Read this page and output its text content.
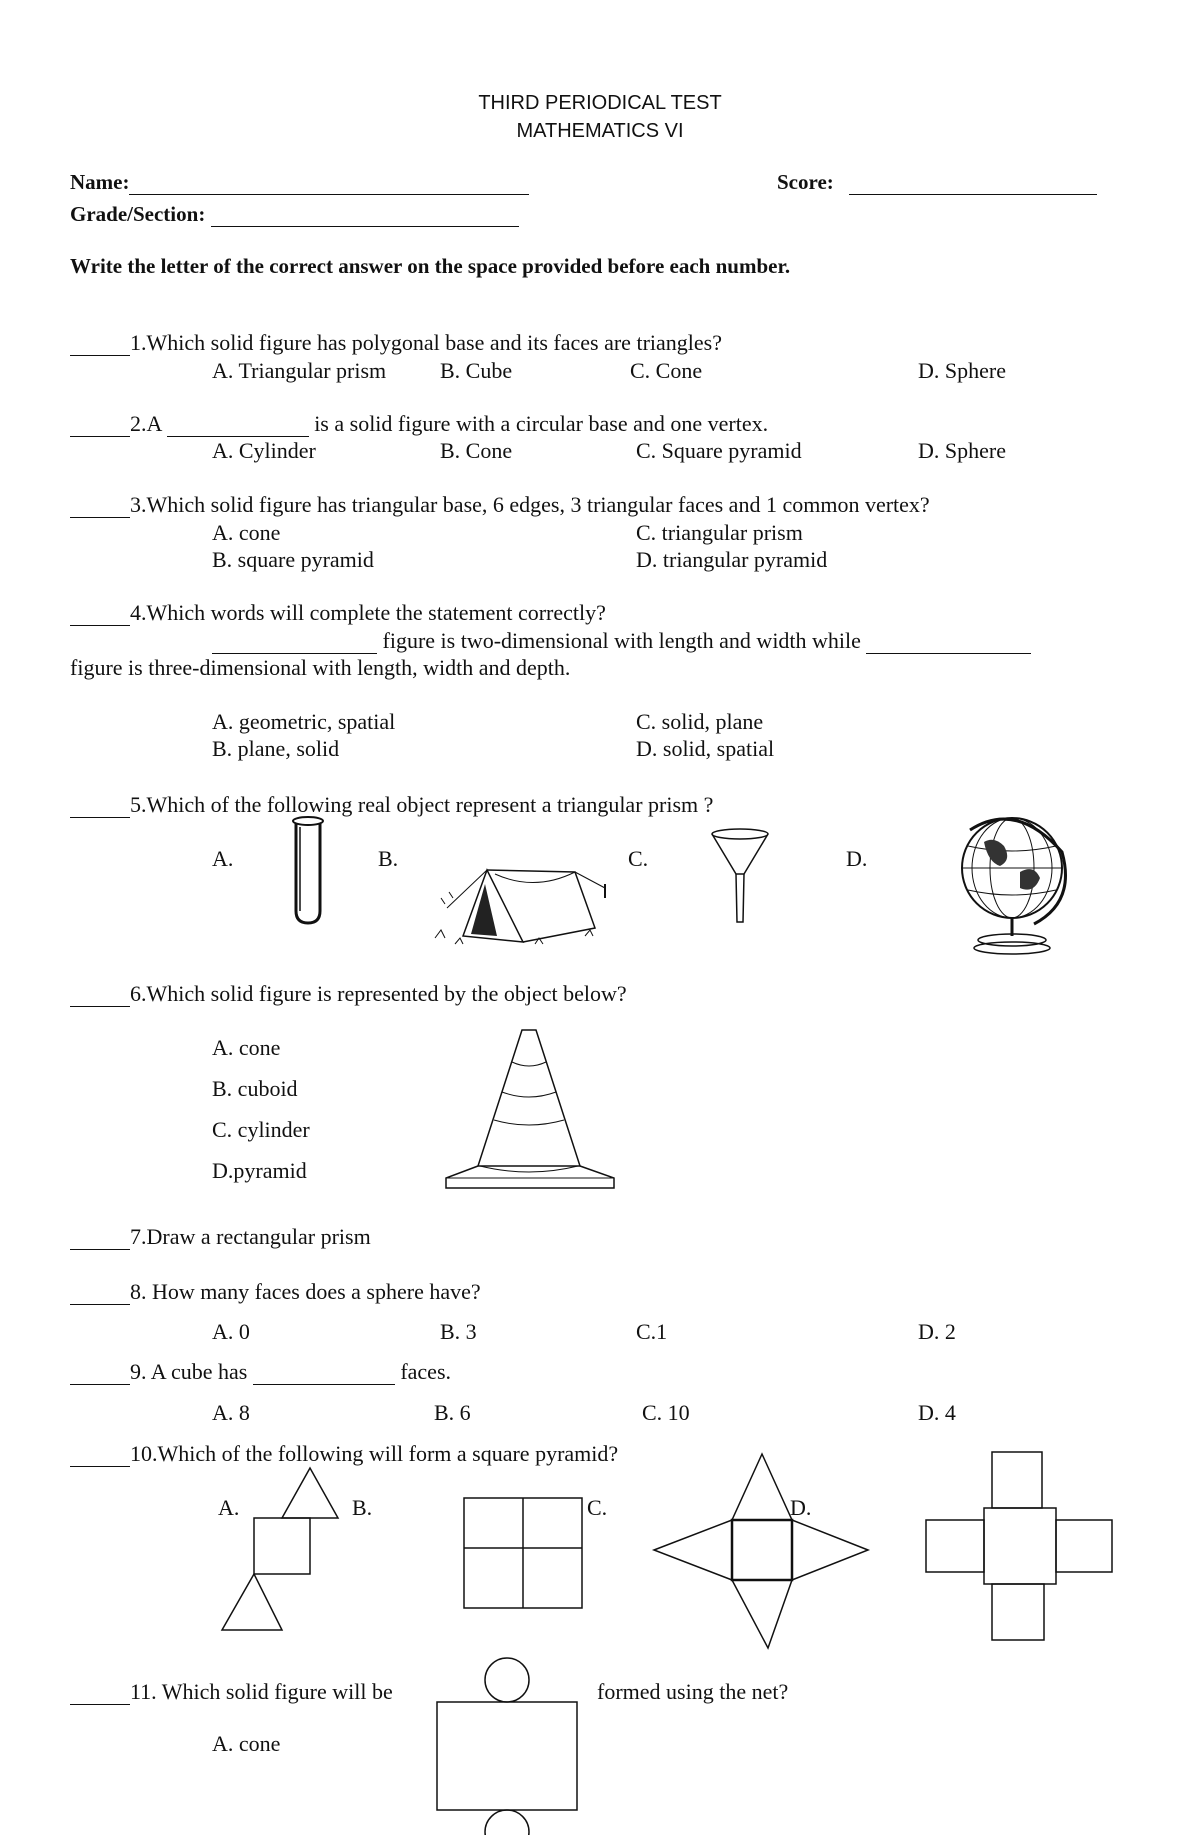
THIRD PERIODICAL TEST
MATHEMATICS VI
Name:	Score:
Grade/Section:
Write the letter of the correct answer on the space provided before each number.
1.Which solid figure has polygonal base and its faces are triangles?
A. Triangular prism B. Cube	C. Cone	D. Sphere
2.A	is a solid figure with a circular base and one vertex.
A. Cylinder	B. Cone	C. Square pyramid	D. Sphere
3.Which solid figure has triangular base, 6 edges, 3 triangular faces and 1 common vertex?
A. cone
B. square pyramid
C. triangular prism
D. triangular pyramid
4.Which words will complete the statement correctly?
figure is two-dimensional with length and width while
figure is three-dimensional with length, width and depth.
A. geometric, spatial
B. plane, solid
C. solid, plane
D. solid, spatial
5.Which of the following real object represent a triangular prism ?
A.	B.	C.	D.
6.Which solid figure is represented by the object below?
A. cone
B. cuboid
C. cylinder
D.pyramid
7.Draw a rectangular prism
8. How many faces does a sphere have?
A. 0	B. 3	C.1	D. 2
9. A cube has	faces.
A. 8	B. 6	C. 10	D. 4
10.Which of the following will form a square pyramid?
A.	B.	C.	D.
11. Which solid figure will be	formed using the net?
A. cone
